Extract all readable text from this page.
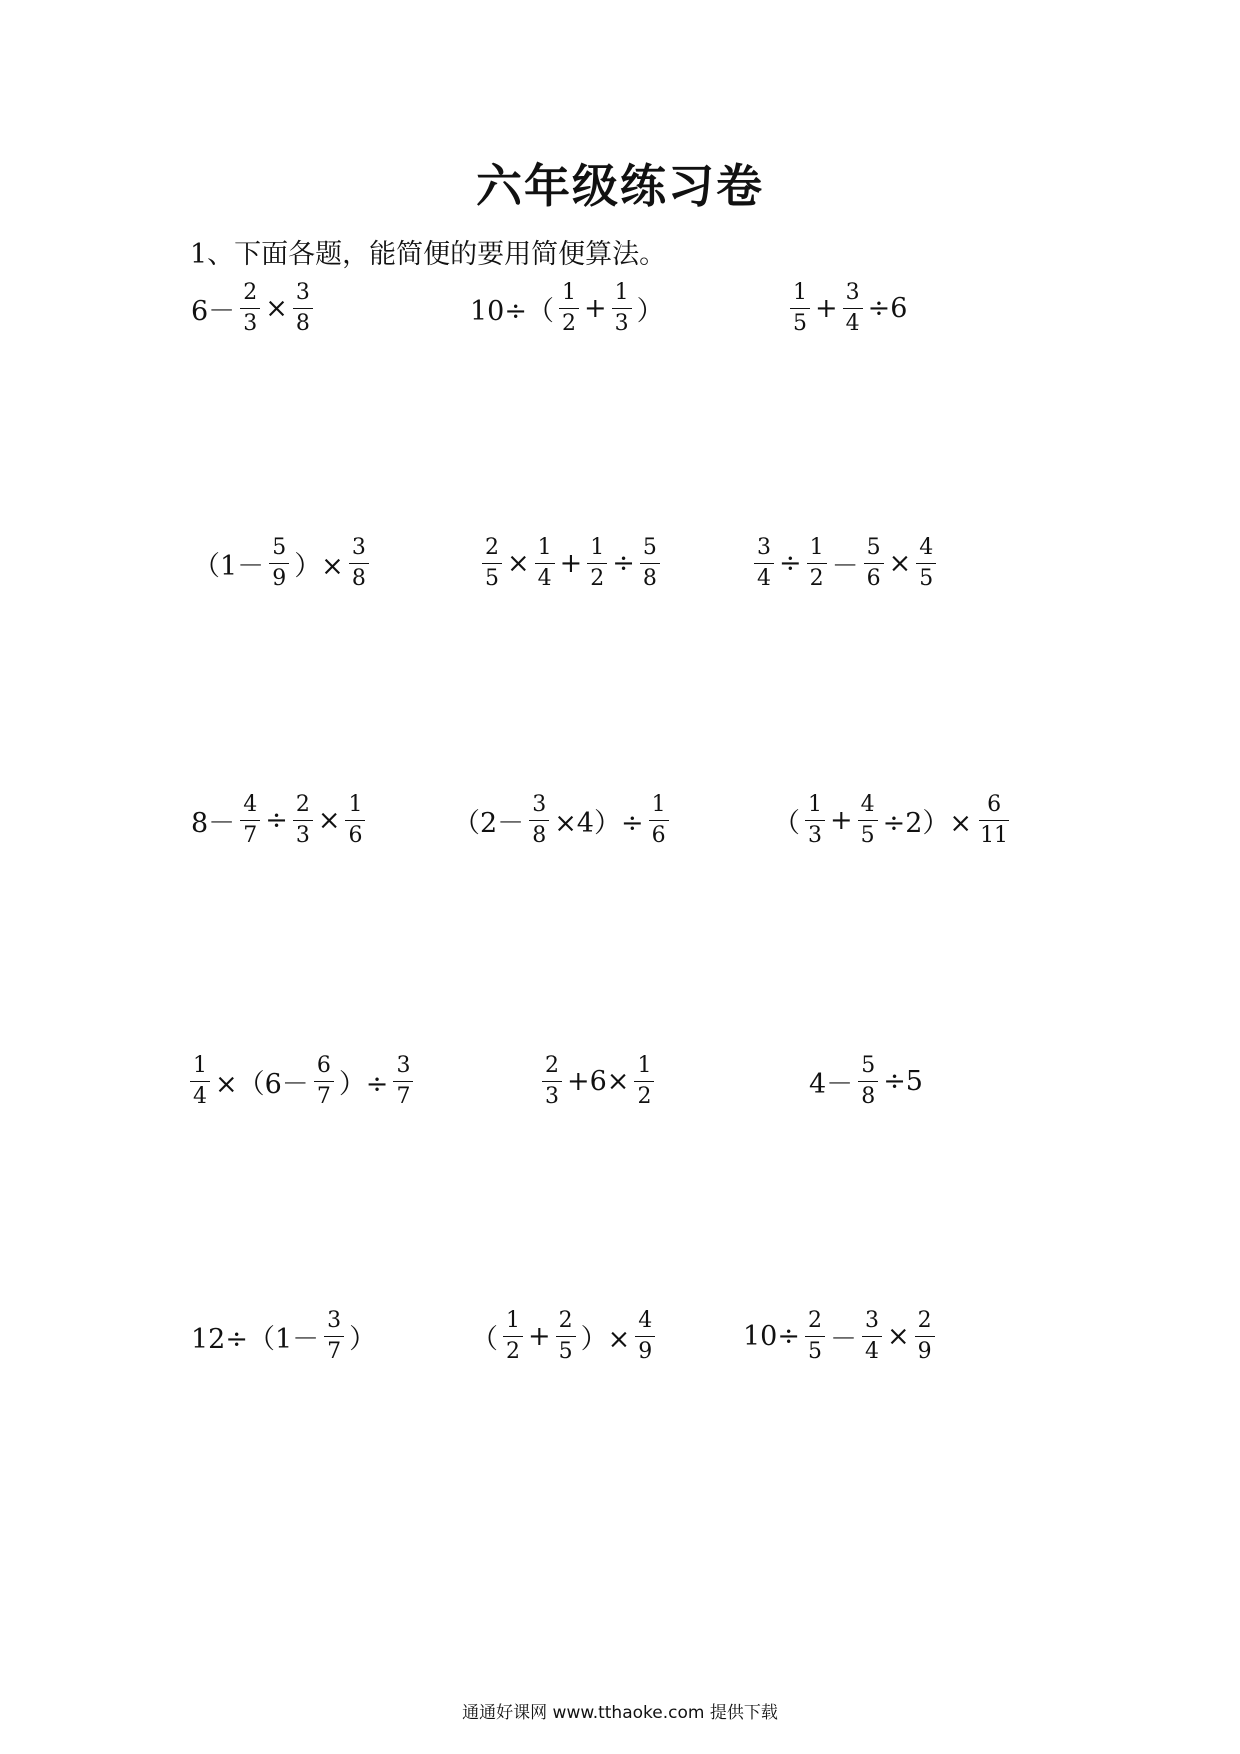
六年级练习卷
1、下面各题，能简便的要用简便算法。
$6- \frac{2}{3} \times \frac{3}{8}$	$10\div( \frac{1}{2} + \frac{1}{3}$ ）	$\frac{1}{5} + \frac{3}{4} \div 6$
（$1- \frac{5}{9}$ ）× $\frac{3}{8}$	$\frac{2}{5} \times \frac{1}{4} + \frac{1}{2} \div \frac{5}{8}$	$\frac{3}{4} \div \frac{1}{2} - \frac{5}{6} \times \frac{4}{5}$
$8- \frac{4}{7} \div \frac{2}{3} \times \frac{1}{6}$	$(2- \frac{3}{8} \times 4)\div \frac{1}{6}$	（ $\frac{1}{3} + \frac{4}{5} \div 2)\times \frac{6}{11}$
$\frac{1}{4} \times(6- \frac{6}{7}$ ）÷ $\frac{3}{7}$	$\frac{2}{3} +6\times \frac{1}{2}$	$4- \frac{5}{8} \div 5$
$12\div(1- \frac{3}{7}$ ）	（ $\frac{1}{2} + \frac{2}{5}$ ）× $\frac{4}{9}$	$10\div \frac{2}{5} - \frac{3}{4} \times \frac{2}{9}$
通通好课网 www.tthaoke.com 提供下载
